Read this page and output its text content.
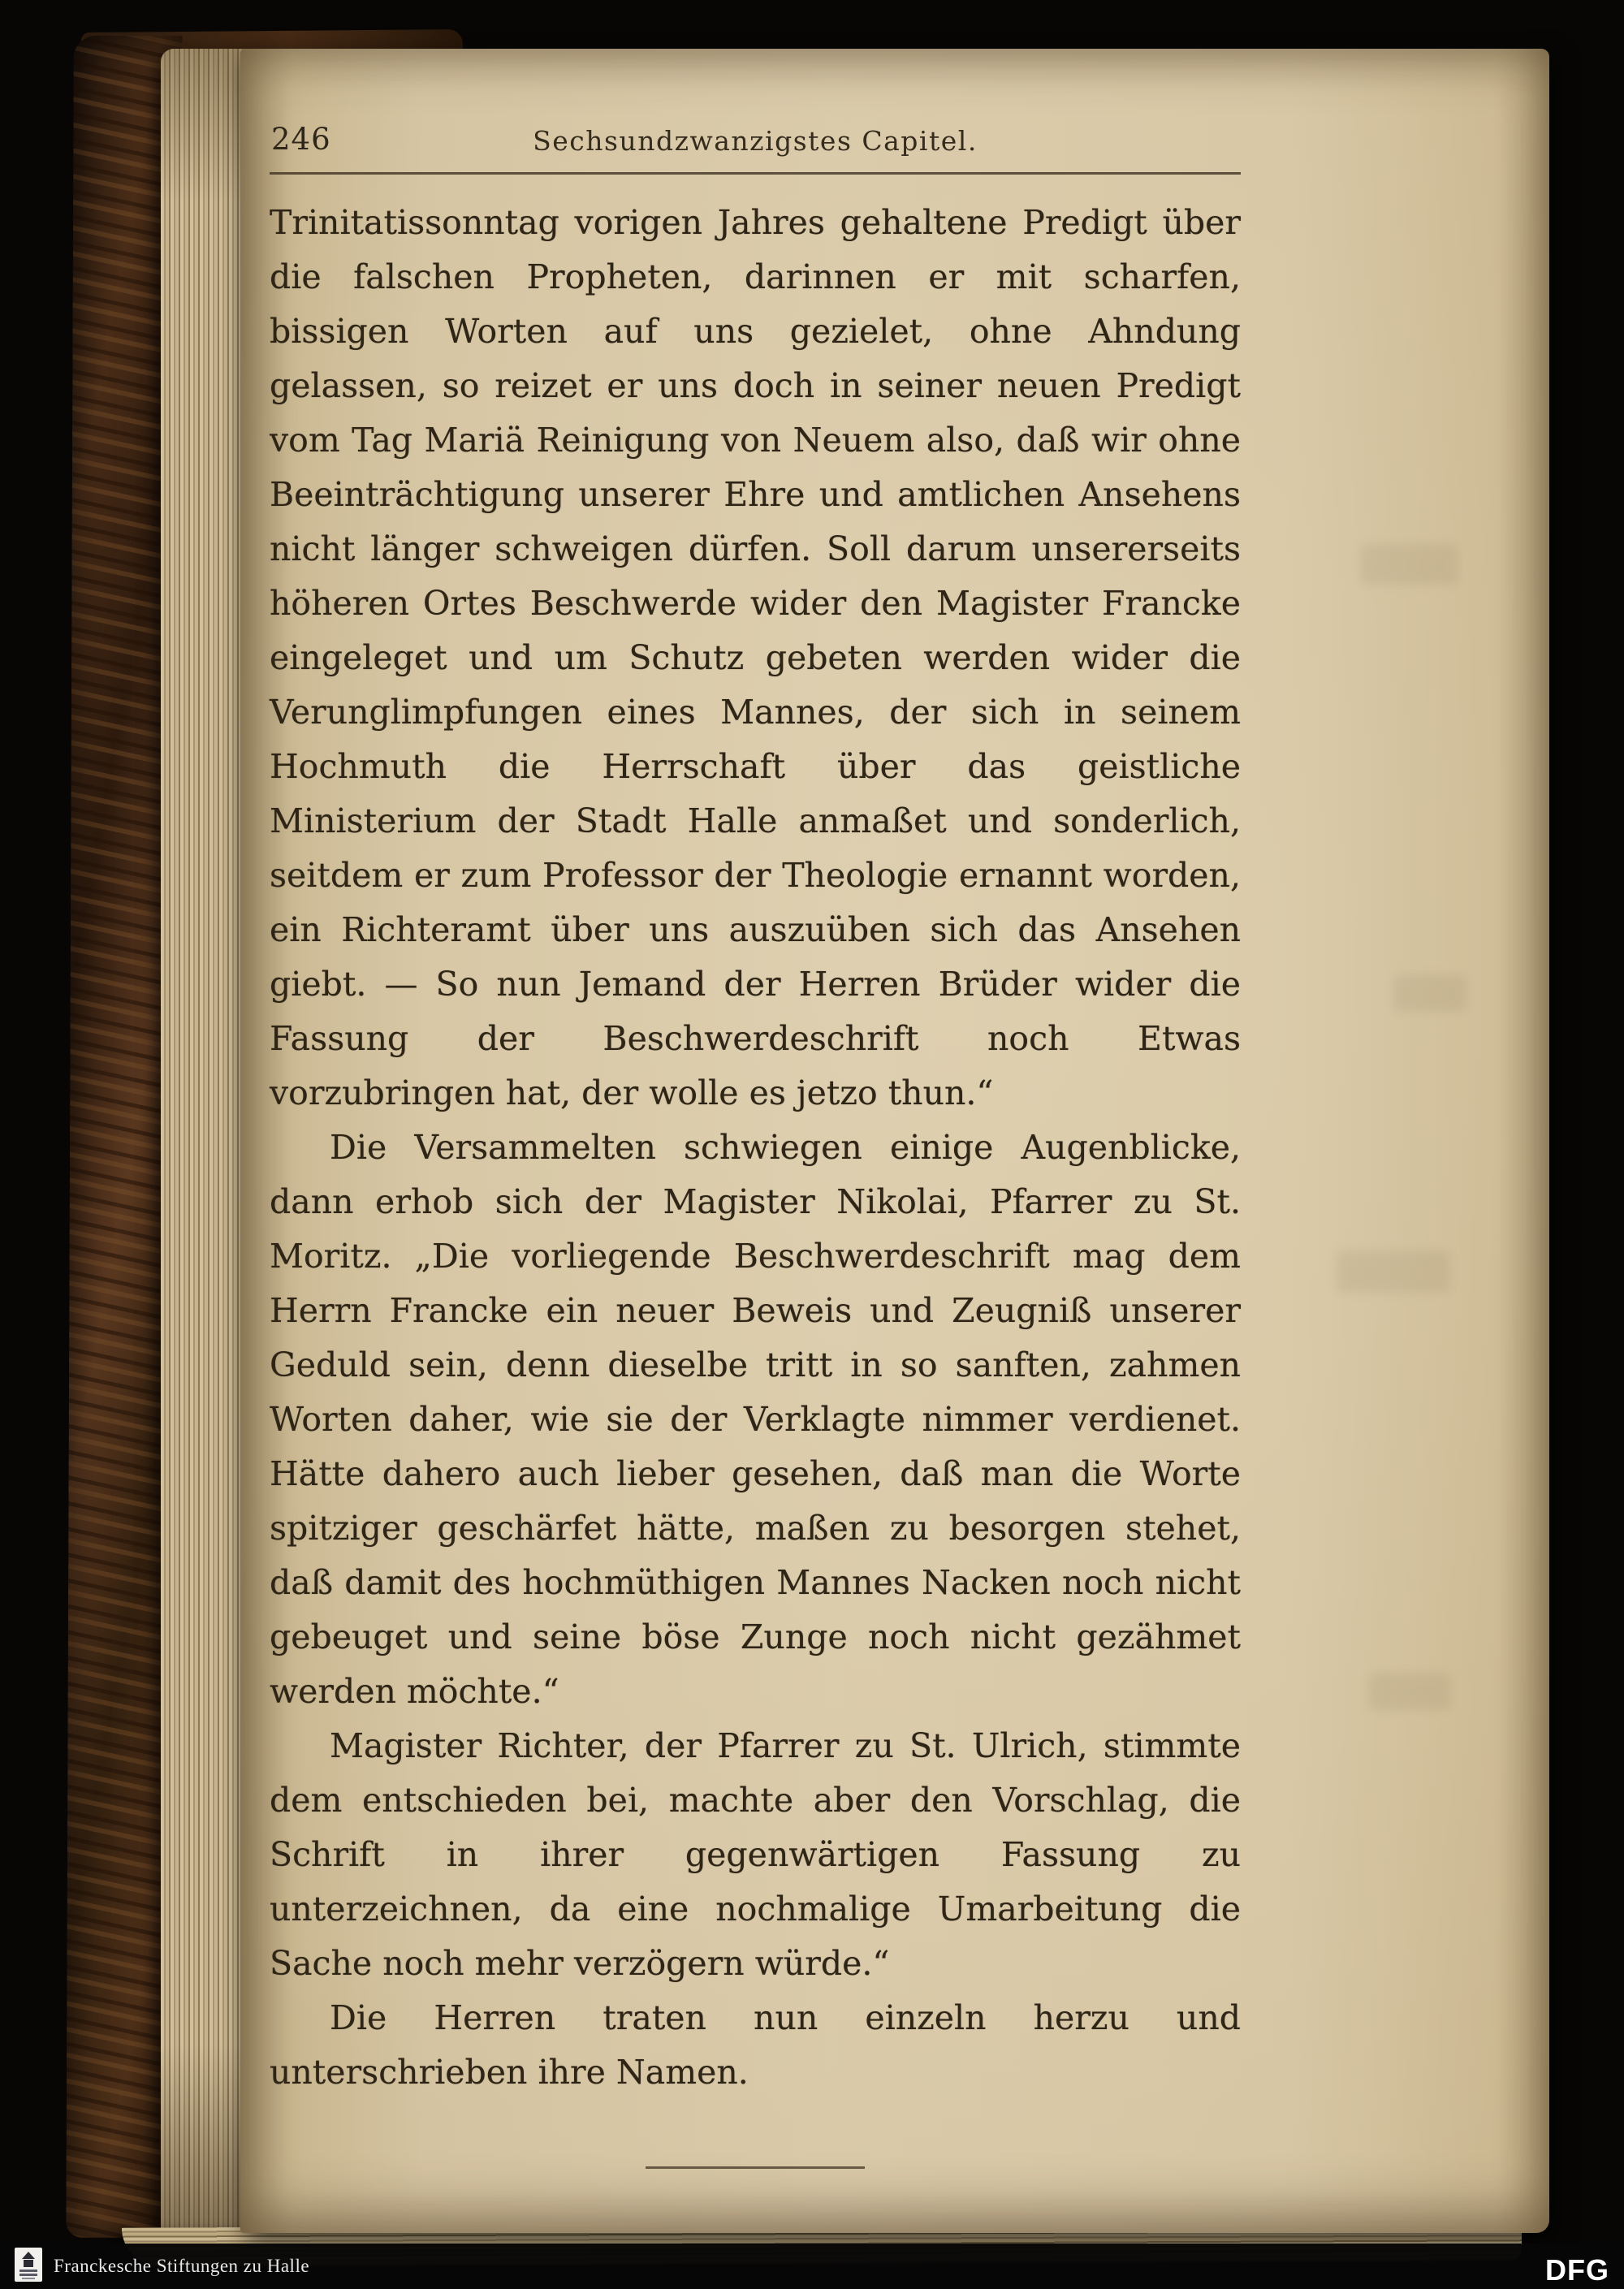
246	Sechsundzwanzigstes Capitel.

Trinitatissonntag vorigen Jahres gehaltene Predigt über die falschen Propheten, darinnen er mit scharfen, bissigen Worten auf uns gezielet, ohne Ahndung gelassen, so reizet er uns doch in seiner neuen Predigt vom Tag Mariä Reinigung von Neuem also, daß wir ohne Beeinträchtigung unserer Ehre und amtlichen Ansehens nicht länger schweigen dürfen. Soll darum unsererseits höheren Ortes Beschwerde wider den Magister Francke eingeleget und um Schutz gebeten werden wider die Verunglimpfungen eines Mannes, der sich in seinem Hochmuth die Herrschaft über das geistliche Ministerium der Stadt Halle anmaßet und sonderlich, seitdem er zum Professor der Theologie ernannt worden, ein Richteramt über uns auszuüben sich das Ansehen giebt. — So nun Jemand der Herren Brüder wider die Fassung der Beschwerdeschrift noch Etwas vorzubringen hat, der wolle es jetzo thun.“

Die Versammelten schwiegen einige Augenblicke, dann erhob sich der Magister Nikolai, Pfarrer zu St. Moritz. „Die vorliegende Beschwerdeschrift mag dem Herrn Francke ein neuer Beweis und Zeugniß unserer Geduld sein, denn dieselbe tritt in so sanften, zahmen Worten daher, wie sie der Verklagte nimmer verdienet. Hätte dahero auch lieber gesehen, daß man die Worte spitziger geschärfet hätte, maßen zu besorgen stehet, daß damit des hochmüthigen Mannes Nacken noch nicht gebeuget und seine böse Zunge noch nicht gezähmet werden möchte.“

Magister Richter, der Pfarrer zu St. Ulrich, stimmte dem entschieden bei, machte aber den Vorschlag, die Schrift in ihrer gegenwärtigen Fassung zu unterzeichnen, da eine nochmalige Umarbeitung die Sache noch mehr verzögern würde.“

Die Herren traten nun einzeln herzu und unterschrieben ihre Namen.

Franckesche Stiftungen zu Halle	DFG
